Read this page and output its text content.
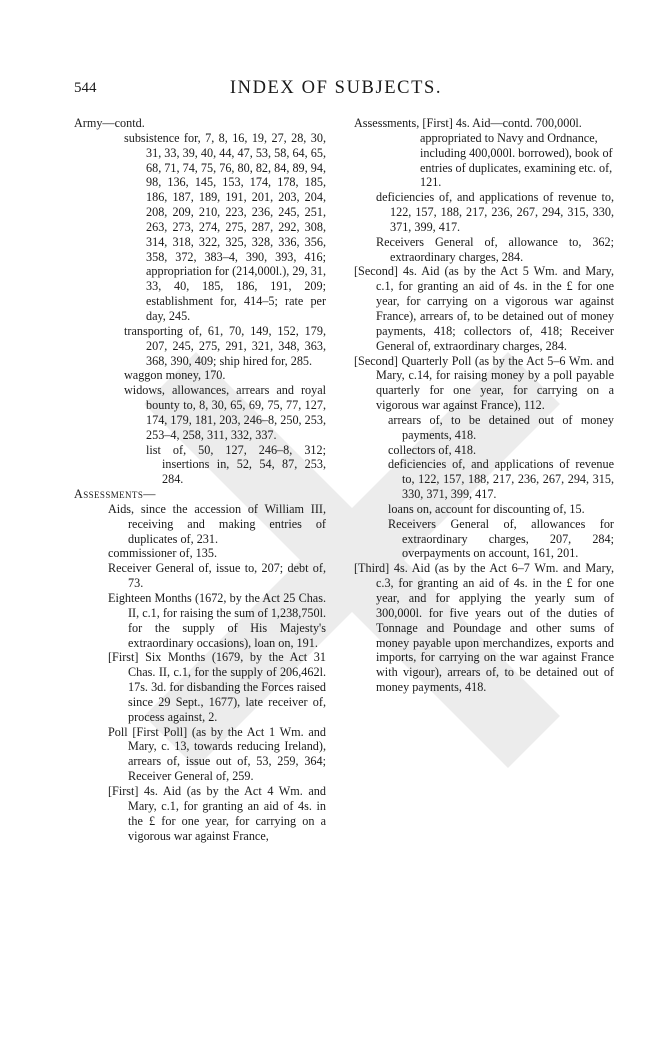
544	INDEX OF SUBJECTS.
Army—contd.
subsistence for, 7, 8, 16, 19, 27, 28, 30, 31, 33, 39, 40, 44, 47, 53, 58, 64, 65, 68, 71, 74, 75, 76, 80, 82, 84, 89, 94, 98, 136, 145, 153, 174, 178, 185, 186, 187, 189, 191, 201, 203, 204, 208, 209, 210, 223, 236, 245, 251, 263, 273, 274, 275, 287, 292, 308, 314, 318, 322, 325, 328, 336, 356, 358, 372, 383–4, 390, 393, 416; appropriation for (214,000l.), 29, 31, 33, 40, 185, 186, 191, 209; establishment for, 414–5; rate per day, 245.
transporting of, 61, 70, 149, 152, 179, 207, 245, 275, 291, 321, 348, 363, 368, 390, 409; ship hired for, 285.
waggon money, 170.
widows, allowances, arrears and royal bounty to, 8, 30, 65, 69, 75, 77, 127, 174, 179, 181, 203, 246–8, 250, 253, 253–4, 258, 311, 332, 337.
list of, 50, 127, 246–8, 312; insertions in, 52, 54, 87, 253, 284.
Assessments—
Aids, since the accession of William III, receiving and making entries of duplicates of, 231.
commissioner of, 135.
Receiver General of, issue to, 207; debt of, 73.
Eighteen Months (1672, by the Act 25 Chas. II, c.1, for raising the sum of 1,238,750l. for the supply of His Majesty's extraordinary occasions), loan on, 191.
[First] Six Months (1679, by the Act 31 Chas. II, c.1, for the supply of 206,462l. 17s. 3d. for disbanding the Forces raised since 29 Sept., 1677), late receiver of, process against, 2.
Poll [First Poll] (as by the Act 1 Wm. and Mary, c. 13, towards reducing Ireland), arrears of, issue out of, 53, 259, 364; Receiver General of, 259.
[First] 4s. Aid (as by the Act 4 Wm. and Mary, c.1, for granting an aid of 4s. in the £ for one year, for carrying on a vigorous war against France,
Assessments, [First] 4s. Aid—contd. 700,000l. appropriated to Navy and Ordnance, including 400,000l. borrowed), book of entries of duplicates, examining etc. of, 121.
deficiencies of, and applications of revenue to, 122, 157, 188, 217, 236, 267, 294, 315, 330, 371, 399, 417.
Receivers General of, allowance to, 362; extraordinary charges, 284.
[Second] 4s. Aid (as by the Act 5 Wm. and Mary, c.1, for granting an aid of 4s. in the £ for one year, for carrying on a vigorous war against France), arrears of, to be detained out of money payments, 418; collectors of, 418; Receiver General of, extraordinary charges, 284.
[Second] Quarterly Poll (as by the Act 5–6 Wm. and Mary, c.14, for raising money by a poll payable quarterly for one year, for carrying on a vigorous war against France), 112.
arrears of, to be detained out of money payments, 418.
collectors of, 418.
deficiencies of, and applications of revenue to, 122, 157, 188, 217, 236, 267, 294, 315, 330, 371, 399, 417.
loans on, account for discounting of, 15.
Receivers General of, allowances for extraordinary charges, 207, 284; overpayments on account, 161, 201.
[Third] 4s. Aid (as by the Act 6–7 Wm. and Mary, c.3, for granting an aid of 4s. in the £ for one year, and for applying the yearly sum of 300,000l. for five years out of the duties of Tonnage and Poundage and other sums of money payable upon merchandizes, exports and imports, for carrying on the war against France with vigour), arrears of, to be detained out of money payments, 418.
